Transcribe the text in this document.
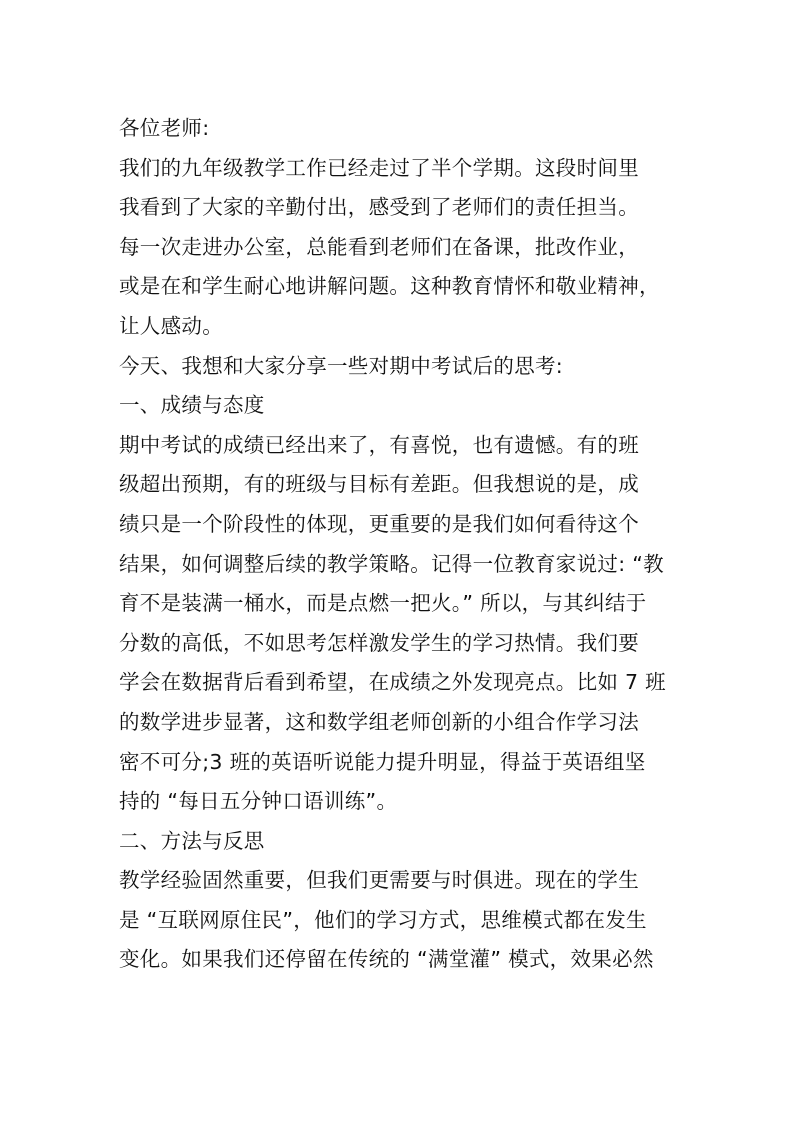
各位老师:
我们的九年级教学工作已经走过了半个学期。这段时间里
我看到了大家的辛勤付出，感受到了老师们的责任担当。
每一次走进办公室，总能看到老师们在备课，批改作业，
或是在和学生耐心地讲解问题。这种教育情怀和敬业精神，
让人感动。
今天、我想和大家分享一些对期中考试后的思考:
一、成绩与态度
期中考试的成绩已经出来了，有喜悦，也有遗憾。有的班
级超出预期，有的班级与目标有差距。但我想说的是，成
绩只是一个阶段性的体现，更重要的是我们如何看待这个
结果，如何调整后续的教学策略。记得一位教育家说过: “教
育不是装满一桶水，而是点燃一把火。” 所以，与其纠结于
分数的高低，不如思考怎样激发学生的学习热情。我们要
学会在数据背后看到希望，在成绩之外发现亮点。比如 7 班
的数学进步显著，这和数学组老师创新的小组合作学习法
密不可分;3 班的英语听说能力提升明显，得益于英语组坚
持的 “每日五分钟口语训练”。
二、方法与反思
教学经验固然重要，但我们更需要与时俱进。现在的学生
是 “互联网原住民”，他们的学习方式，思维模式都在发生
变化。如果我们还停留在传统的 “满堂灌” 模式，效果必然
